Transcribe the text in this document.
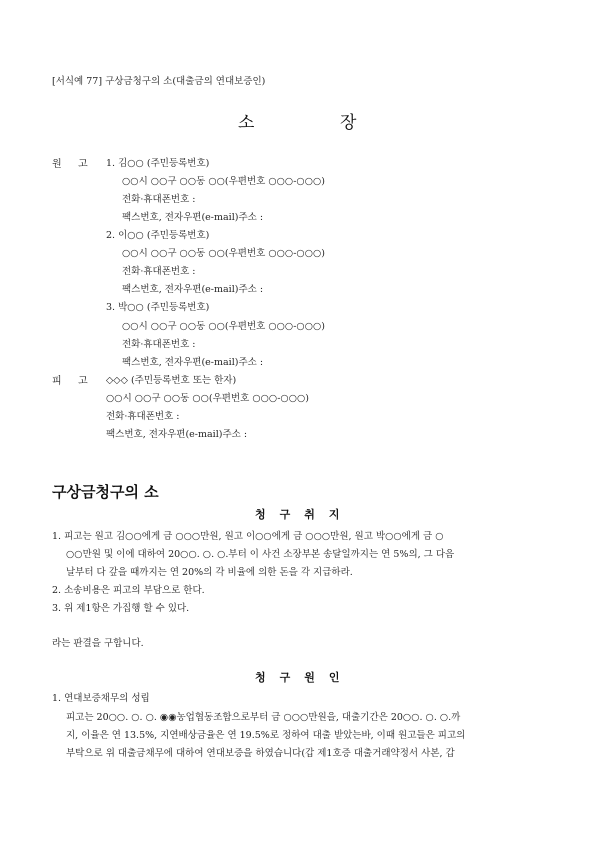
[서식예 77] 구상금청구의 소(대출금의 연대보증인)
소	장
원 고 1. 김○○ (주민등록번호)
○○시 ○○구 ○○동 ○○(우편번호 ○○○-○○○)
전화·휴대폰번호 :
팩스번호, 전자우편(e-mail)주소 :
2. 이○○ (주민등록번호)
○○시 ○○구 ○○동 ○○(우편번호 ○○○-○○○)
전화·휴대폰번호 :
팩스번호, 전자우편(e-mail)주소 :
3. 박○○ (주민등록번호)
○○시 ○○구 ○○동 ○○(우편번호 ○○○-○○○)
전화·휴대폰번호 :
팩스번호, 전자우편(e-mail)주소 :
피 고 ◇◇◇ (주민등록번호 또는 한자)
○○시 ○○구 ○○동 ○○(우편번호 ○○○-○○○)
전화·휴대폰번호 :
팩스번호, 전자우편(e-mail)주소 :
구상금청구의 소
청 구 취 지
1. 피고는 원고 김○○에게 금 ○○○만원, 원고 이○○에게 금 ○○○만원, 원고 박○○에게 금 ○
○○만원 및 이에 대하여 20○○. ○. ○.부터 이 사건 소장부본 송달일까지는 연 5%의, 그 다음
날부터 다 갚을 때까지는 연 20%의 각 비율에 의한 돈을 각 지급하라.
2. 소송비용은 피고의 부담으로 한다.
3. 위 제1항은 가집행 할 수 있다.
라는 판결을 구합니다.
청 구 원 인
1. 연대보증채무의 성립
피고는 20○○. ○. ○. ◉◉농업협동조합으로부터 금 ○○○만원을, 대출기간은 20○○. ○. ○.까
지, 이율은 연 13.5%, 지연배상금율은 연 19.5%로 정하여 대출 받았는바, 이때 원고들은 피고의
부탁으로 위 대출금채무에 대하여 연대보증을 하였습니다(갑 제1호증 대출거래약정서 사본, 갑
